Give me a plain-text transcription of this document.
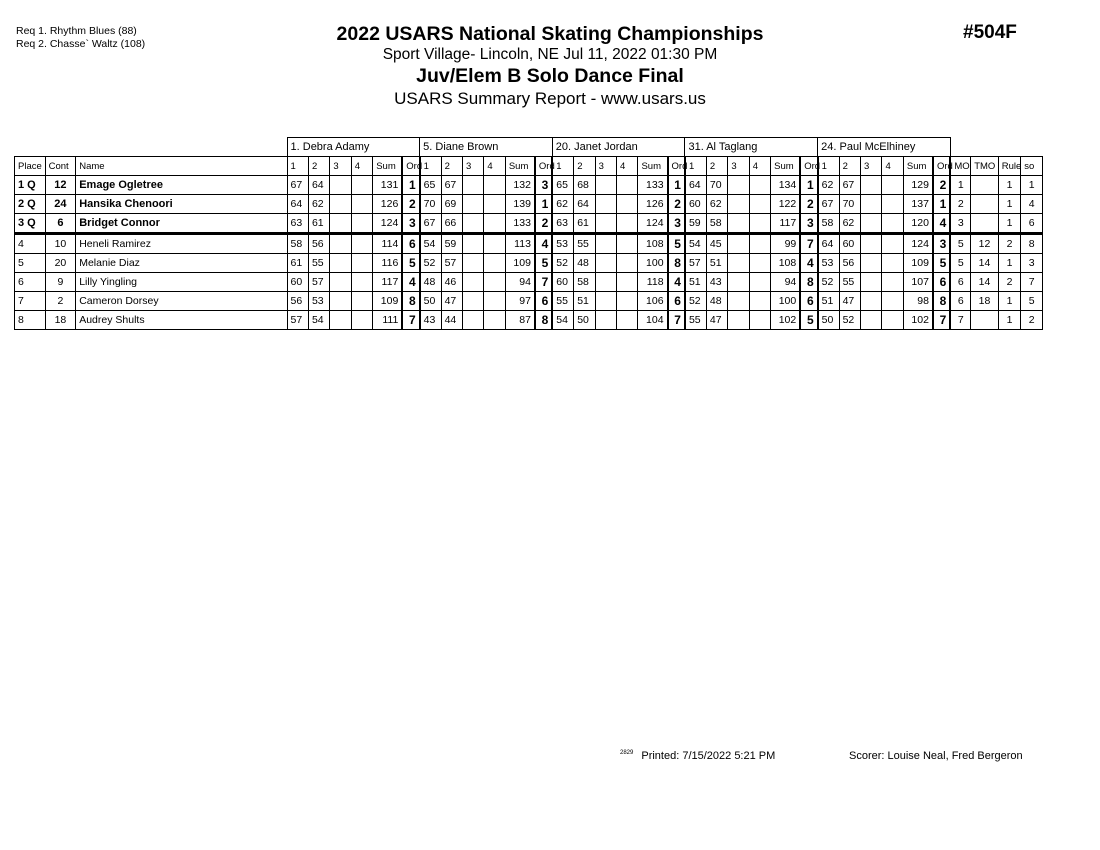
Req 1. Rhythm Blues (88)
Req 2. Chasse` Waltz (108)	2022 USARS National Skating Championships
Sport Village- Lincoln, NE Jul 11, 2022 01:30 PM
Juv/Elem B Solo Dance Final
USARS Summary Report - www.usars.us
#504F
			1. Debra Adamy						5. Diane Brown						20. Janet Jordan						31. Al Taglang						24. Paul McElhiney									
Place	Cont	Name	1	2	3	4	Sum	Ord	1	2	3	4	Sum	Ord	1	2	3	4	Sum	Ord	1	2	3	4	Sum	Ord	1	2	3	4	Sum	Ord	MO	TMO	Rule	so
1 Q	12	Emage Ogletree	67	64			131	1	65	67			132	3	65	68			133	1	64	70			134	1	62	67			129	2	1		1	1
2 Q	24	Hansika Chenoori	64	62			126	2	70	69			139	1	62	64			126	2	60	62			122	2	67	70			137	1	2		1	4
3 Q	6	Bridget Connor	63	61			124	3	67	66			133	2	63	61			124	3	59	58			117	3	58	62			120	4	3		1	6
4	10	Heneli Ramirez	58	56			114	6	54	59			113	4	53	55			108	5	54	45			99	7	64	60			124	3	5	12	2	8
5	20	Melanie Diaz	61	55			116	5	52	57			109	5	52	48			100	8	57	51			108	4	53	56			109	5	5	14	1	3
6	9	Lilly Yingling	60	57			117	4	48	46			94	7	60	58			118	4	51	43			94	8	52	55			107	6	6	14	2	7
7	2	Cameron Dorsey	56	53			109	8	50	47			97	6	55	51			106	6	52	48			100	6	51	47			98	8	6	18	1	5
8	18	Audrey Shults	57	54			111	7	43	44			87	8	54	50			104	7	55	47			102	5	50	52			102	7	7		1	2
$^{2829}$ Printed: 7/15/2022 5:21 PM	Scorer: Louise Neal, Fred Bergeron
